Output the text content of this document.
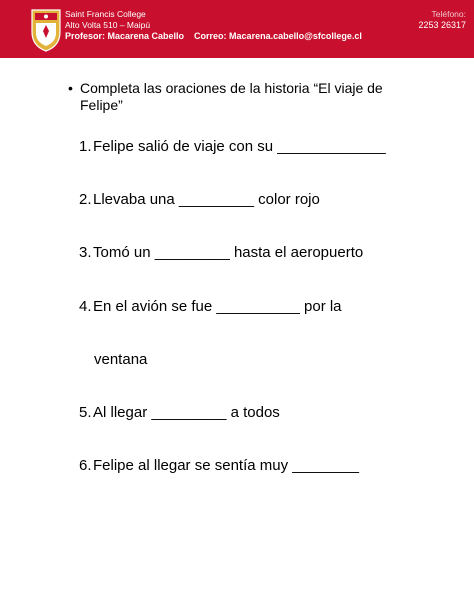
Saint Francis College
Alto Volta 510 – Maipú
Profesor: Macarena Cabello Correo: Macarena.cabello@sfcollege.cl
Teléfono:
2253 26317
• Completa las oraciones de la historia “El viaje de Felipe”
1.Felipe salió de viaje con su _____________
2.Llevaba una _________ color rojo
3.Tomó un _________ hasta el aeropuerto
4.En el avión se fue __________ por la
ventana
5.Al llegar _________ a todos
6.Felipe al llegar se sentía muy ________
